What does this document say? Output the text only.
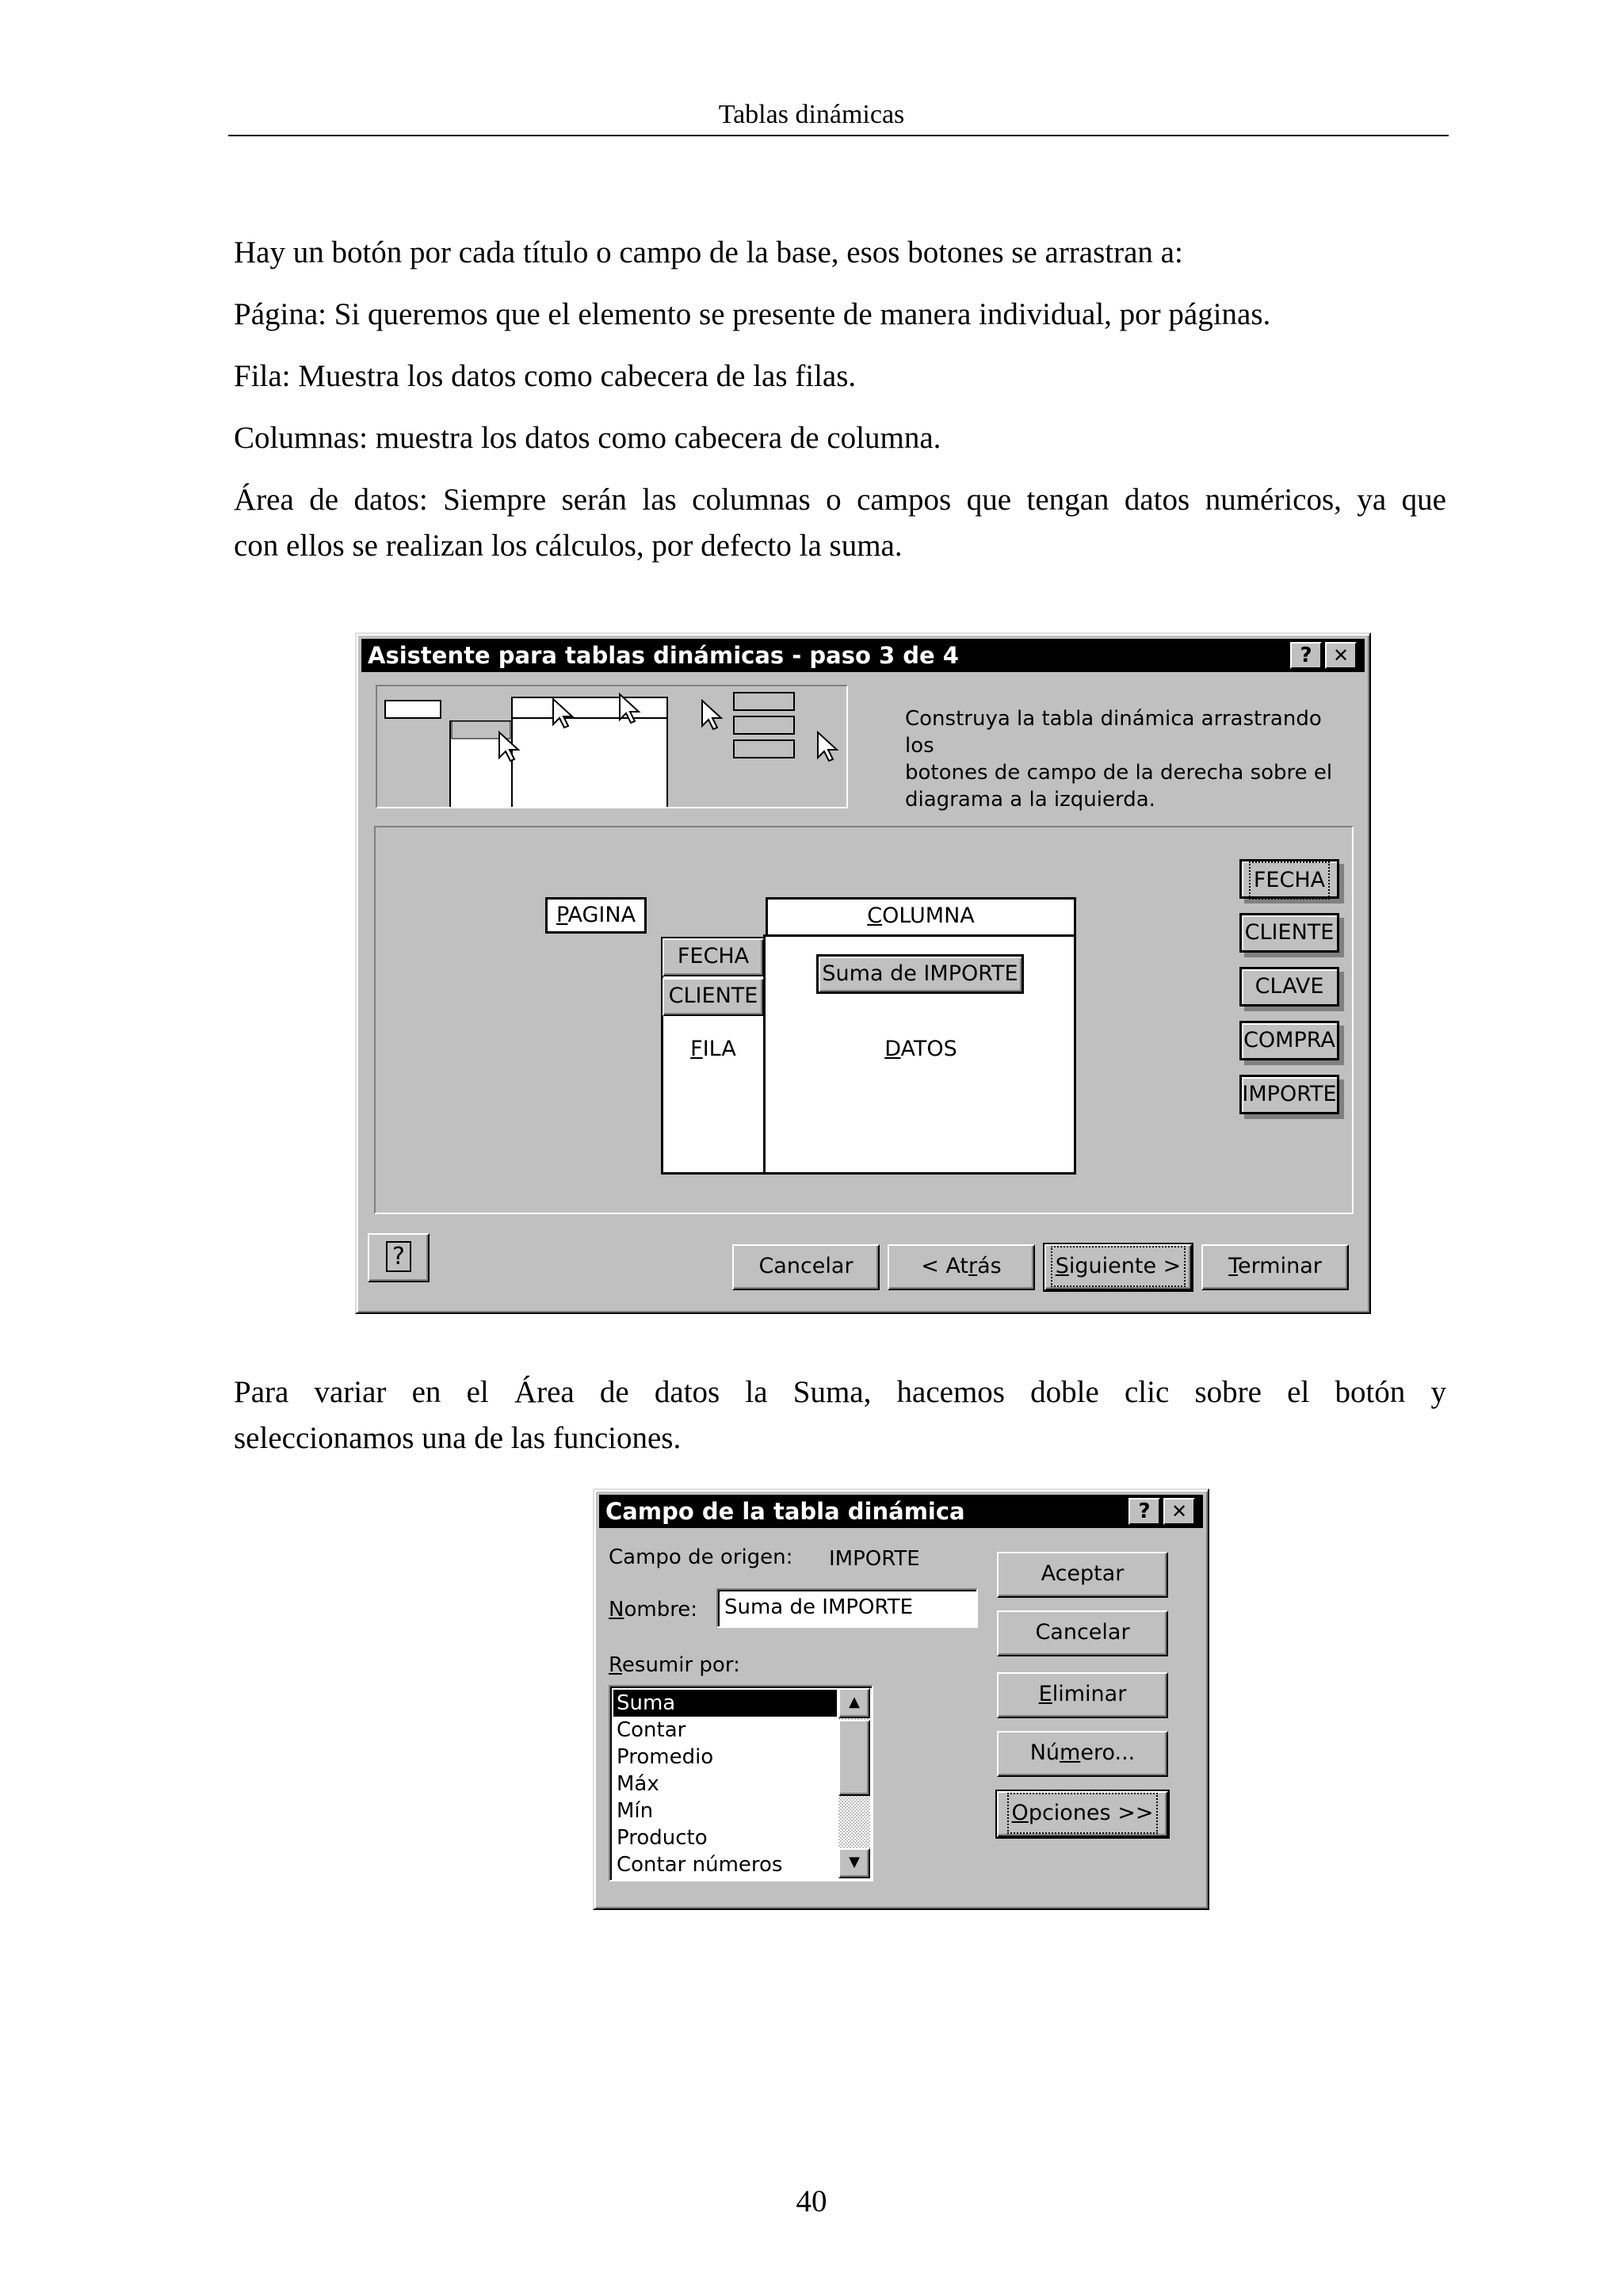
Tablas dinámicas
Hay un botón por cada título o campo de la base, esos botones se arrastran a:
Página: Si queremos que el elemento se presente de manera individual, por páginas.
Fila: Muestra los datos como cabecera de las filas.
Columnas: muestra los datos como cabecera de columna.
Área de datos: Siempre serán las columnas o campos que tengan datos numéricos, ya que
con ellos se realizan los cálculos, por defecto la suma.
Asistente para tablas dinámicas - paso 3 de 4	?	✕
Construya la tabla dinámica arrastrando los
botones de campo de la derecha sobre el
diagrama a la izquierda.
PAGINA	COLUMNA
FECHA
CLIENTE
FILA
Suma de IMPORTE
DATOS
FECHA
CLIENTE
CLAVE
COMPRA
IMPORTE
?	Cancelar	< Atrás	Siguiente >	Terminar
Para variar en el Área de datos la Suma, hacemos doble clic sobre el botón y
seleccionamos una de las funciones.
Campo de la tabla dinámica	?	✕
Campo de origen: IMPORTE
Nombre:	Suma de IMPORTE
Resumir por:
Suma
Contar
Promedio
Máx
Mín
Producto
Contar números
▲
▼
Aceptar
Cancelar
Eliminar
Número...
Opciones >>
40
